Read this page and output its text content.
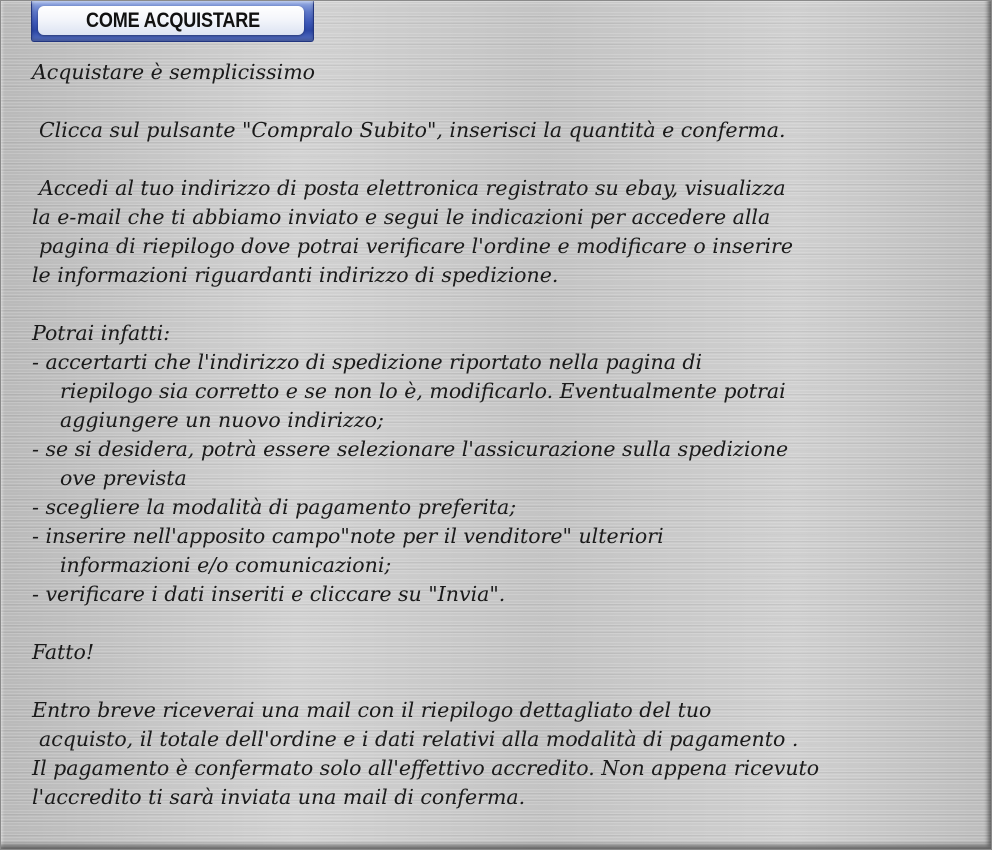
COME ACQUISTARE
Acquistare è semplicissimo
Clicca sul pulsante "Compralo Subito", inserisci la quantità e conferma.
Accedi al tuo indirizzo di posta elettronica registrato su ebay, visualizza
la e-mail che ti abbiamo inviato e segui le indicazioni per accedere alla
pagina di riepilogo dove potrai verificare l'ordine e modificare o inserire
le informazioni riguardanti indirizzo di spedizione.
Potrai infatti:
- accertarti che l'indirizzo di spedizione riportato nella pagina di
riepilogo sia corretto e se non lo è, modificarlo. Eventualmente potrai
aggiungere un nuovo indirizzo;
- se si desidera, potrà essere selezionare l'assicurazione sulla spedizione
ove prevista
- scegliere la modalità di pagamento preferita;
- inserire nell'apposito campo"note per il venditore" ulteriori
informazioni e/o comunicazioni;
- verificare i dati inseriti e cliccare su "Invia".
Fatto!
Entro breve riceverai una mail con il riepilogo dettagliato del tuo
acquisto, il totale dell'ordine e i dati relativi alla modalità di pagamento .
Il pagamento è confermato solo all'effettivo accredito. Non appena ricevuto
l'accredito ti sarà inviata una mail di conferma.
